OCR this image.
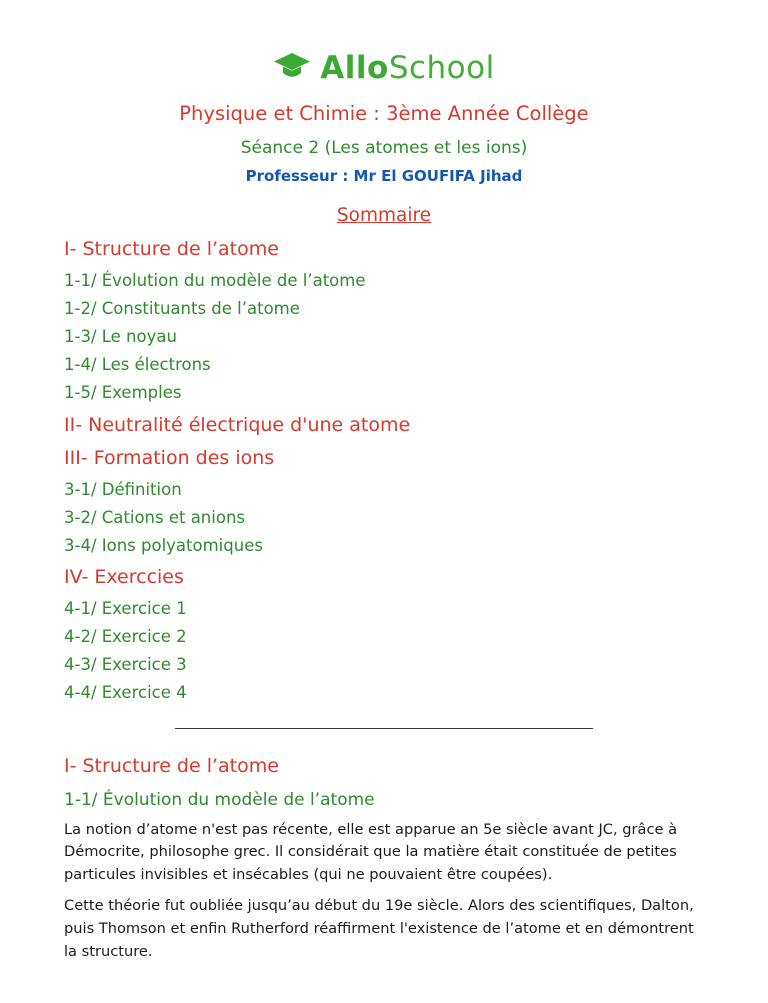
AlloSchool
Physique et Chimie : 3ème Année Collège
Séance 2 (Les atomes et les ions)
Professeur : Mr El GOUFIFA Jihad
Sommaire
I- Structure de l’atome
1-1/ Évolution du modèle de l’atome
1-2/ Constituants de l’atome
1-3/ Le noyau
1-4/ Les électrons
1-5/ Exemples
II- Neutralité électrique d'une atome
III- Formation des ions
3-1/ Définition
3-2/ Cations et anions
3-4/ Ions polyatomiques
IV- Exerccies
4-1/ Exercice 1
4-2/ Exercice 2
4-3/ Exercice 3
4-4/ Exercice 4
I- Structure de l’atome
1-1/ Évolution du modèle de l’atome

La notion d’atome n'est pas récente, elle est apparue an 5e siècle avant JC, grâce à Démocrite, philosophe grec. Il considérait que la matière était constituée de petites particules invisibles et insécables (qui ne pouvaient être coupées).

Cette théorie fut oubliée jusqu’au début du 19e siècle. Alors des scientifiques, Dalton, puis Thomson et enfin Rutherford réaffirment l'existence de l’atome et en démontrent la structure.
